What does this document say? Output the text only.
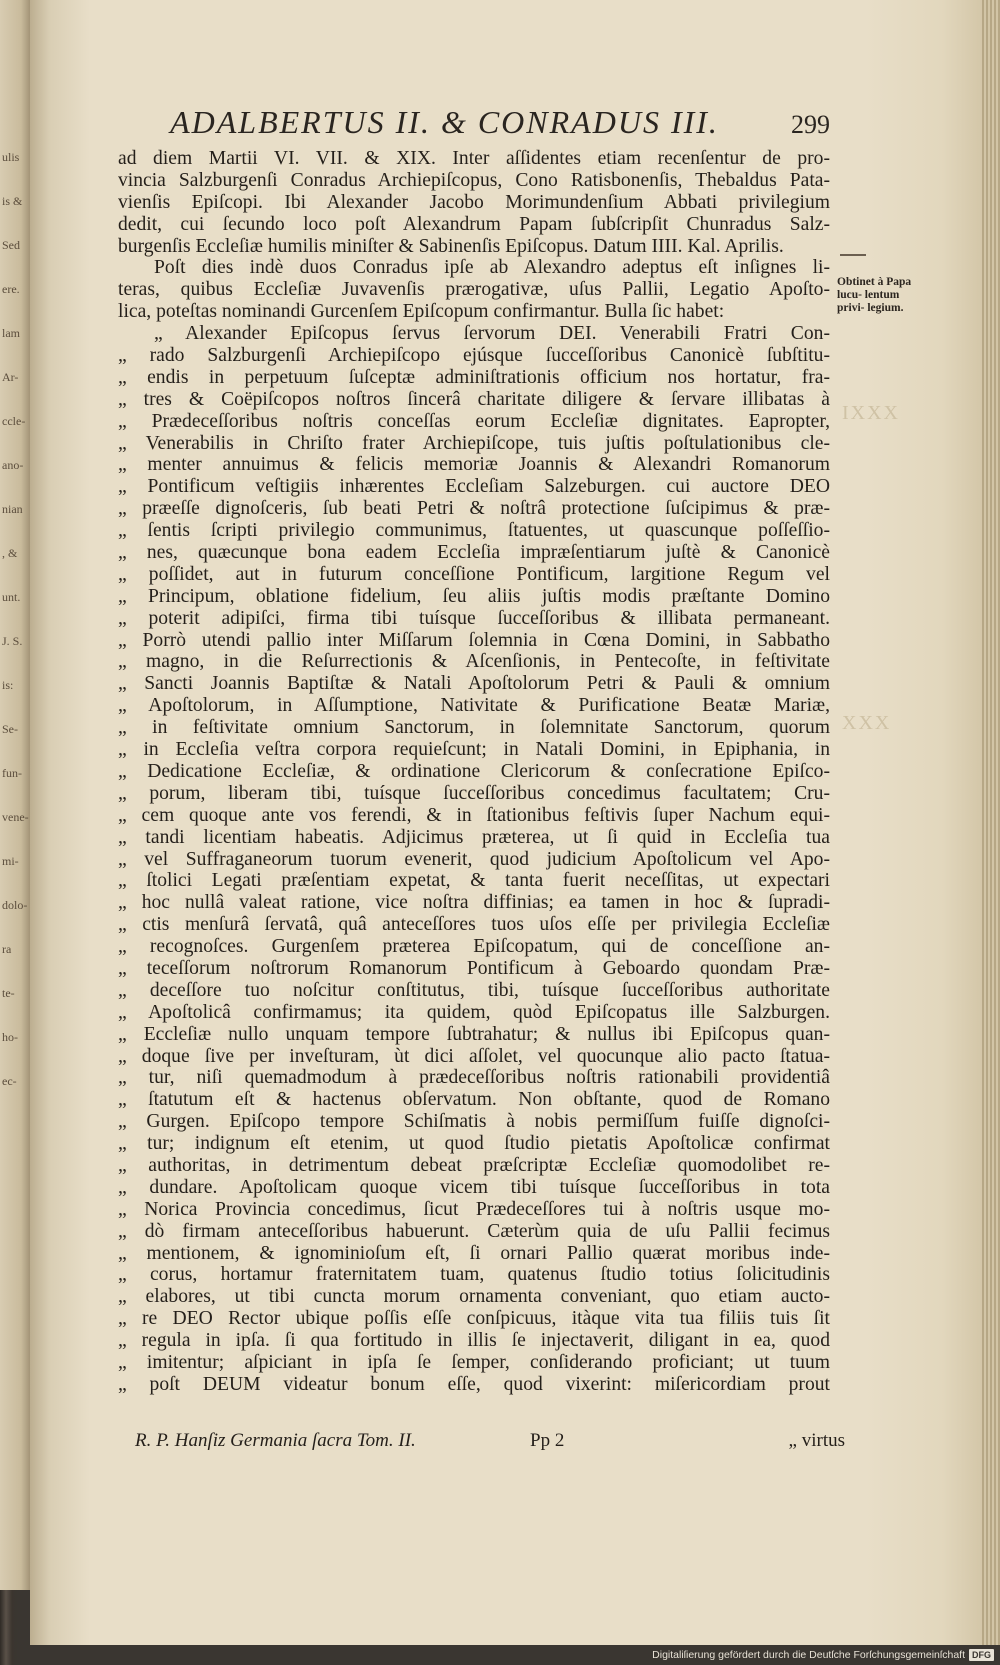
ulis
is &
Sed
ere.
lam
Ar-
ccle-
ano-
nian
, &
unt.
J. S.
is:
Se-
fun-
vene-
mi-
dolo-
ra
te-
ho-
ec-
ADALBERTUS II. & CONRADUS III.	299
Obtinet à Papa lucu- lentum privi- legium.
IXXX
XXX
ad diem Martii VI. VII. & XIX. Inter aſſidentes etiam recenſentur de pro-
vincia Salzburgenſi Conradus Archiepiſcopus, Cono Ratisbonenſis, Thebaldus Pata-
vienſis Epiſcopi. Ibi Alexander Jacobo Morimundenſium Abbati privilegium
dedit, cui ſecundo loco poſt Alexandrum Papam ſubſcripſit Chunradus Salz-
burgenſis Eccleſiæ humilis miniſter & Sabinenſis Epiſcopus. Datum IIII. Kal. Aprilis.
Poſt dies indè duos Conradus ipſe ab Alexandro adeptus eſt inſignes li-
teras, quibus Eccleſiæ Juvavenſis prærogativæ, uſus Pallii, Legatio Apoſto-
lica, poteſtas nominandi Gurcenſem Epiſcopum confirmantur. Bulla ſic habet:
„ Alexander Epiſcopus ſervus ſervorum DEI. Venerabili Fratri Con-
„ rado Salzburgenſi Archiepiſcopo ejúsque ſucceſſoribus Canonicè ſubſtitu-
„ endis in perpetuum ſuſceptæ adminiſtrationis officium nos hortatur, fra-
„ tres & Coëpiſcopos noſtros ſincerâ charitate diligere & ſervare illibatas à
„ Prædeceſſoribus noſtris conceſſas eorum Eccleſiæ dignitates. Eapropter,
„ Venerabilis in Chriſto frater Archiepiſcope, tuis juſtis poſtulationibus cle-
„ menter annuimus & felicis memoriæ Joannis & Alexandri Romanorum
„ Pontificum veſtigiis inhærentes Eccleſiam Salzeburgen. cui auctore DEO
„ præeſſe dignoſceris, ſub beati Petri & noſtrâ protectione ſuſcipimus & præ-
„ ſentis ſcripti privilegio communimus, ſtatuentes, ut quascunque poſſeſſio-
„ nes, quæcunque bona eadem Eccleſia impræſentiarum juſtè & Canonicè
„ poſſidet, aut in futurum conceſſione Pontificum, largitione Regum vel
„ Principum, oblatione fidelium, ſeu aliis juſtis modis præſtante Domino
„ poterit adipiſci, firma tibi tuísque ſucceſſoribus & illibata permaneant.
„ Porrò utendi pallio inter Miſſarum ſolemnia in Cœna Domini, in Sabbatho
„ magno, in die Reſurrectionis & Aſcenſionis, in Pentecoſte, in feſtivitate
„ Sancti Joannis Baptiſtæ & Natali Apoſtolorum Petri & Pauli & omnium
„ Apoſtolorum, in Aſſumptione, Nativitate & Purificatione Beatæ Mariæ,
„ in feſtivitate omnium Sanctorum, in ſolemnitate Sanctorum, quorum
„ in Eccleſia veſtra corpora requieſcunt; in Natali Domini, in Epiphania, in
„ Dedicatione Eccleſiæ, & ordinatione Clericorum & conſecratione Epiſco-
„ porum, liberam tibi, tuísque ſucceſſoribus concedimus facultatem; Cru-
„ cem quoque ante vos ferendi, & in ſtationibus feſtivis ſuper Nachum equi-
„ tandi licentiam habeatis. Adjicimus præterea, ut ſi quid in Eccleſia tua
„ vel Suffraganeorum tuorum evenerit, quod judicium Apoſtolicum vel Apo-
„ ſtolici Legati præſentiam expetat, & tanta fuerit neceſſitas, ut expectari
„ hoc nullâ valeat ratione, vice noſtra diffinias; ea tamen in hoc & ſupradi-
„ ctis menſurâ ſervatâ, quâ anteceſſores tuos uſos eſſe per privilegia Eccleſiæ
„ recognoſces. Gurgenſem præterea Epiſcopatum, qui de conceſſione an-
„ teceſſorum noſtrorum Romanorum Pontificum à Geboardo quondam Præ-
„ deceſſore tuo noſcitur conſtitutus, tibi, tuísque ſucceſſoribus authoritate
„ Apoſtolicâ confirmamus; ita quidem, quòd Epiſcopatus ille Salzburgen.
„ Eccleſiæ nullo unquam tempore ſubtrahatur; & nullus ibi Epiſcopus quan-
„ doque ſive per inveſturam, ùt dici aſſolet, vel quocunque alio pacto ſtatua-
„ tur, niſi quemadmodum à prædeceſſoribus noſtris rationabili providentiâ
„ ſtatutum eſt & hactenus obſervatum. Non obſtante, quod de Romano
„ Gurgen. Epiſcopo tempore Schiſmatis à nobis permiſſum fuiſſe dignoſci-
„ tur; indignum eſt etenim, ut quod ſtudio pietatis Apoſtolicæ confirmat
„ authoritas, in detrimentum debeat præſcriptæ Eccleſiæ quomodolibet re-
„ dundare. Apoſtolicam quoque vicem tibi tuísque ſucceſſoribus in tota
„ Norica Provincia concedimus, ſicut Prædeceſſores tui à noſtris usque mo-
„ dò firmam anteceſſoribus habuerunt. Cæterùm quia de uſu Pallii fecimus
„ mentionem, & ignominioſum eſt, ſi ornari Pallio quærat moribus inde-
„ corus, hortamur fraternitatem tuam, quatenus ſtudio totius ſolicitudinis
„ elabores, ut tibi cuncta morum ornamenta conveniant, quo etiam aucto-
„ re DEO Rector ubique poſſis eſſe conſpicuus, itàque vita tua filiis tuis ſit
„ regula in ipſa. ſi qua fortitudo in illis ſe injectaverit, diligant in ea, quod
„ imitentur; aſpiciant in ipſa ſe ſemper, conſiderando proficiant; ut tuum
„ poſt DEUM videatur bonum eſſe, quod vixerint: miſericordiam prout
R. P. Hanſiz Germania ſacra Tom. II.	Pp 2	„ virtus
Digitaliſierung gefördert durch die Deutſche Forſchungsgemeinſchaft DFG
